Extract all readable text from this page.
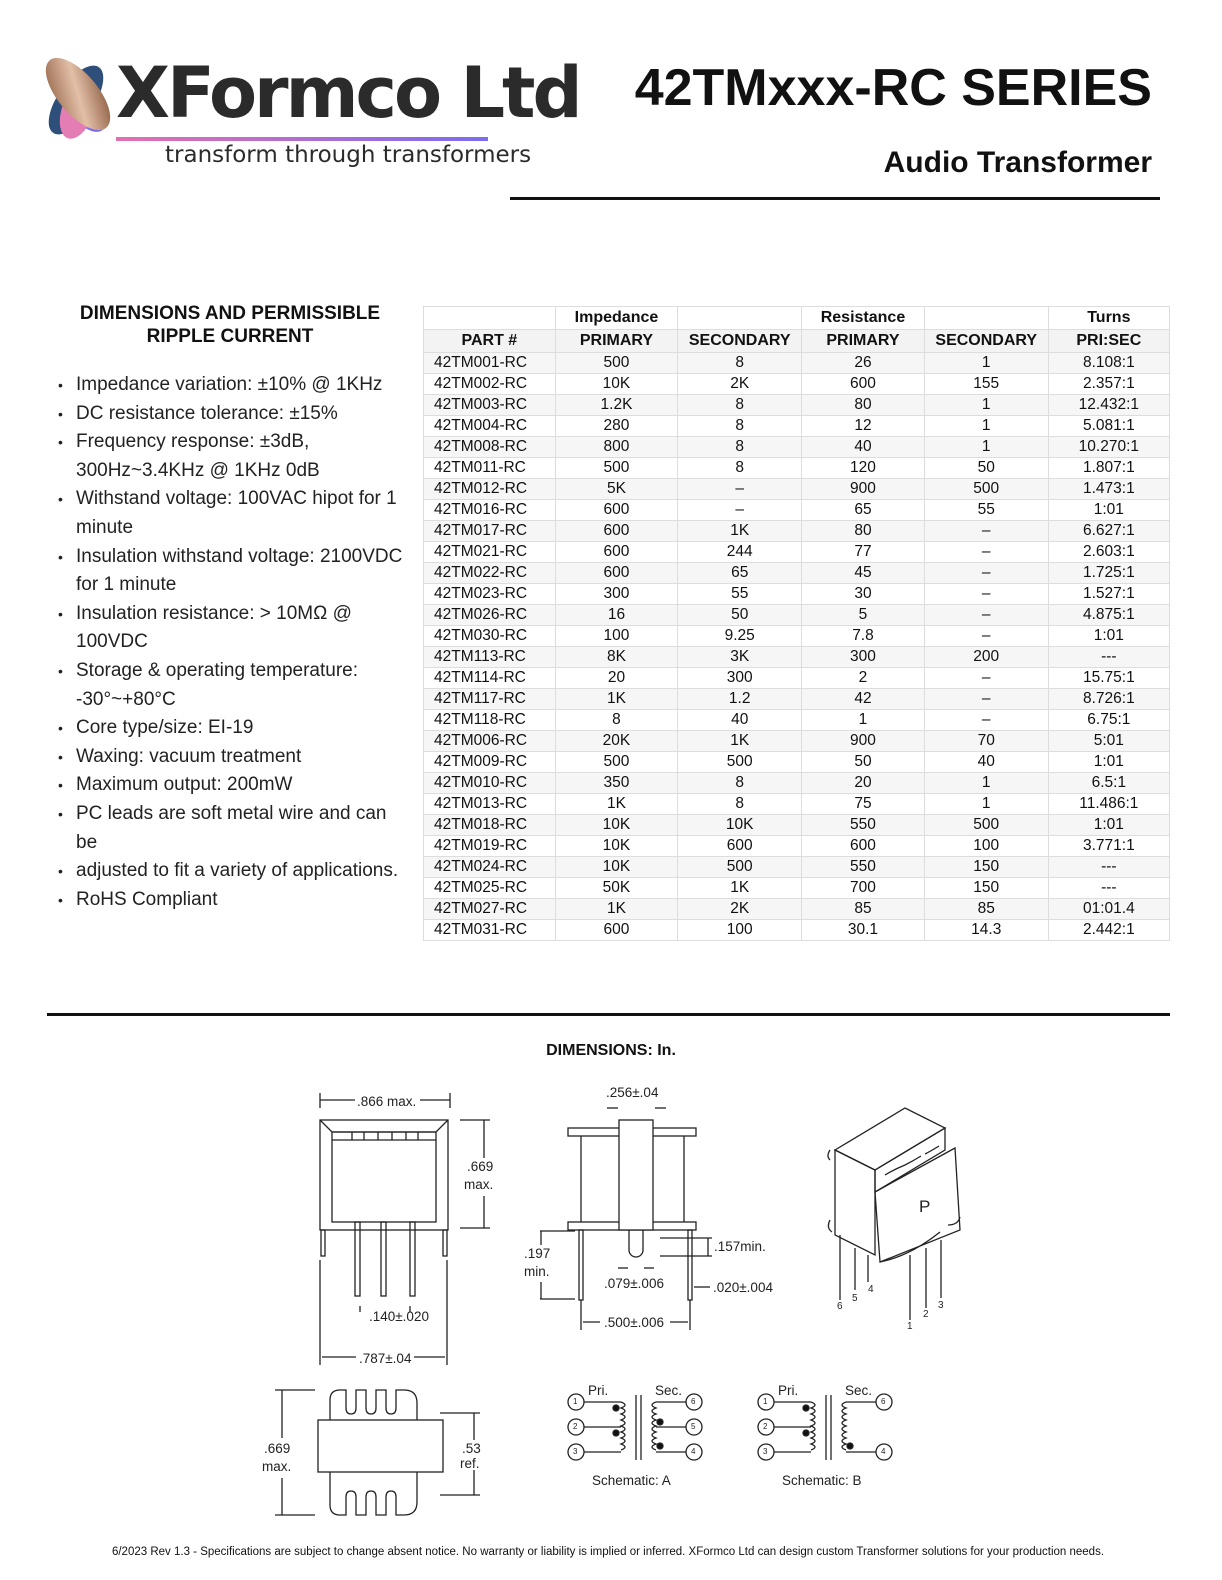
XFormco Ltd
transform through transformers
42TMxxx-RC SERIES
Audio Transformer
DIMENSIONS AND PERMISSIBLE RIPPLE CURRENT
• Impedance variation: ±10% @ 1KHz
• DC resistance tolerance: ±15%
• Frequency response: ±3dB, 300Hz~3.4KHz @ 1KHz 0dB
• Withstand voltage: 100VAC hipot for 1 minute
• Insulation withstand voltage: 2100VDC for 1 minute
• Insulation resistance: > 10MΩ @ 100VDC
• Storage & operating temperature: -30°~+80°C
• Core type/size: EI-19
• Waxing: vacuum treatment
• Maximum output: 200mW
• PC leads are soft metal wire and can be
• adjusted to fit a variety of applications.
• RoHS Compliant
	Impedance		Resistance		Turns
PART #	PRIMARY	SECONDARY	PRIMARY	SECONDARY	PRI:SEC
42TM001-RC	500	8	26	1	8.108:1
42TM002-RC	10K	2K	600	155	2.357:1
42TM003-RC	1.2K	8	80	1	12.432:1
42TM004-RC	280	8	12	1	5.081:1
42TM008-RC	800	8	40	1	10.270:1
42TM011-RC	500	8	120	50	1.807:1
42TM012-RC	5K	–	900	500	1.473:1
42TM016-RC	600	–	65	55	1:01
42TM017-RC	600	1K	80	–	6.627:1
42TM021-RC	600	244	77	–	2.603:1
42TM022-RC	600	65	45	–	1.725:1
42TM023-RC	300	55	30	–	1.527:1
42TM026-RC	16	50	5	–	4.875:1
42TM030-RC	100	9.25	7.8	–	1:01
42TM113-RC	8K	3K	300	200	---
42TM114-RC	20	300	2	–	15.75:1
42TM117-RC	1K	1.2	42	–	8.726:1
42TM118-RC	8	40	1	–	6.75:1
42TM006-RC	20K	1K	900	70	5:01
42TM009-RC	500	500	50	40	1:01
42TM010-RC	350	8	20	1	6.5:1
42TM013-RC	1K	8	75	1	11.486:1
42TM018-RC	10K	10K	550	500	1:01
42TM019-RC	10K	600	600	100	3.771:1
42TM024-RC	10K	500	550	150	---
42TM025-RC	50K	1K	700	150	---
42TM027-RC	1K	2K	85	85	01:01.4
42TM031-RC	600	100	30.1	14.3	2.442:1
DIMENSIONS: In.
.866 max.
.669
max.
.140±.020
.787±.04
.256±.04
.197
min.
.157min.
.079±.006	.020±.004
.500±.006
P
1
2
3
4
5
6
.669
max.
.53
ref.
Pri.	Sec.
Schematic: A
Pri.	Sec.
Schematic: B
1
2
3
6
5
4
1
2
3
6
4
6/2023 Rev 1.3 - Specifications are subject to change absent notice. No warranty or liability is implied or inferred. XFormco Ltd can design custom Transformer solutions for your production needs.
